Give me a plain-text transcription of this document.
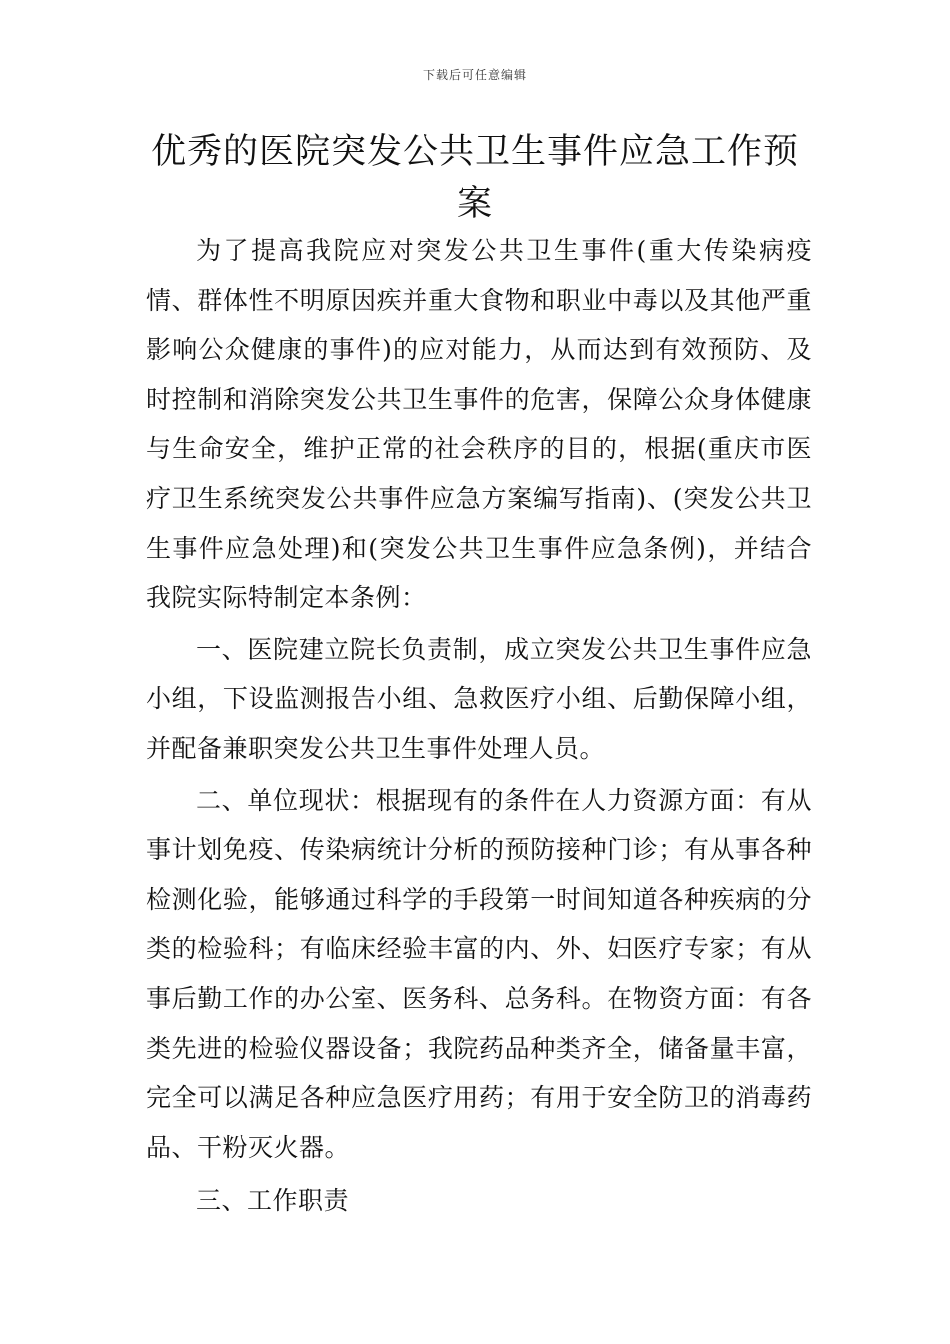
下载后可任意编辑
优秀的医院突发公共卫生事件应急工作预案

为了提高我院应对突发公共卫生事件(重大传染病疫情、群体性不明原因疾并重大食物和职业中毒以及其他严重影响公众健康的事件)的应对能力，从而达到有效预防、及时控制和消除突发公共卫生事件的危害，保障公众身体健康与生命安全，维护正常的社会秩序的目的，根据(重庆市医疗卫生系统突发公共事件应急方案编写指南)、(突发公共卫生事件应急处理)和(突发公共卫生事件应急条例)，并结合我院实际特制定本条例：

一、医院建立院长负责制，成立突发公共卫生事件应急小组，下设监测报告小组、急救医疗小组、后勤保障小组，并配备兼职突发公共卫生事件处理人员。

二、单位现状：根据现有的条件在人力资源方面：有从事计划免疫、传染病统计分析的预防接种门诊；有从事各种检测化验，能够通过科学的手段第一时间知道各种疾病的分类的检验科；有临床经验丰富的内、外、妇医疗专家；有从事后勤工作的办公室、医务科、总务科。在物资方面：有各类先进的检验仪器设备；我院药品种类齐全，储备量丰富，完全可以满足各种应急医疗用药；有用于安全防卫的消毒药品、干粉灭火器。

三、工作职责
